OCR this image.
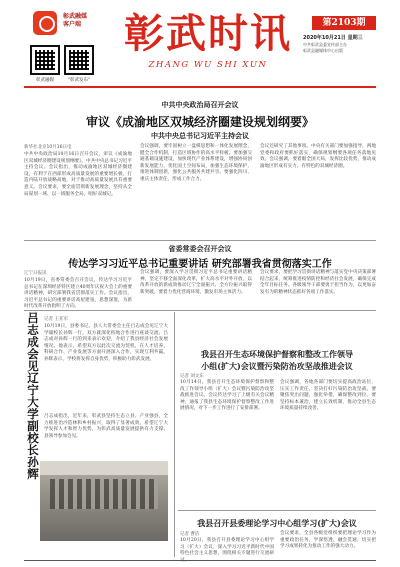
彰武融媒
客户端
彰武融媒	"彰武发布"
彰武时讯
ZHANG WU SHI XUN
第2103期
2020年10月21日 星期三
中共彰武县委宣传部主办
彰武县融媒体中心出版
中共中央政治局召开会议
审议《成渝地区双城经济圈建设规划纲要》
中共中央总书记习近平主持会议
新华社北京10月16日电
中共中央政治局10月16日召开会议，审议《成渝地区双城经济圈建设规划纲要》。中共中央总书记习近平主持会议。会议指出，推动成渝地区双城经济圈建设，有利于在西部形成高质量发展的重要增长极，打造内陆开放战略高地，对于推动高质量发展具有重要意义。会议要求，要全面贯彻新发展理念，坚持从全局谋划一域、以一域服务全局，唱好双城记。
会议强调，要牢固树立一盘棋思想和一体化发展理念，健全合作机制，打造区域协作的高水平样板。要加强交通基础设施建设，加快现代产业体系建设，增强协同创新发展能力，优化国土空间布局，加强生态环境保护，推进体制创新，强化公共服务共建共享。要强化四川、重庆主体责任，形成工作合力。
会议还研究了其他事项。中央有关部门要加强指导，两地党委和政府要抓好落实，确保规划纲要各项任务落地见效。会议强调，要着眼全国大局，发挥比较优势，推动成渝地区形成有实力、有特色的双城经济圈。
省委常委会召开会议
传达学习习近平总书记重要讲话 研究部署我省贯彻落实工作
辽宁日报讯
10月19日，省委常委会召开会议，传达学习习近平总书记在深圳经济特区建立40周年庆祝大会上的重要讲话精神，研究部署我省贯彻落实工作。会议指出，习近平总书记的重要讲话高屋建瓴、思想深邃，为新时代改革开放指明了方向。
会议强调，要深入学习贯彻习近平总书记重要讲话精神，坚定不移全面深化改革，扩大高水平对外开放，以改革开放的新成效推动辽宁全面振兴、全方位振兴取得新突破。要着力优化营商环境，激发市场主体活力。
会议要求，要把学习贯彻讲话精神与落实党中央决策部署结合起来，统筹推进疫情防控和经济社会发展，确保完成全年目标任务。各级领导干部要勇于担当作为，以更加奋发有为的精神状态抓好各项工作落实。
吕志成会见辽宁大学副校长孙辉 记者 王亚军
10月19日，县委书记、县人大常委会主任吕志成会见辽宁大学副校长孙辉一行，双方就深化校地合作进行座谈交流。吕志成对孙辉一行的到来表示欢迎，介绍了我县经济社会发展情况。他表示，希望双方以此次交流为契机，在人才培养、科研合作、产业发展等方面开展深入合作，实现互利共赢。孙辉表示，学校将发挥自身优势，积极助力彰武发展。
吕志成指出，近年来，彰武县坚持生态立县、产业强县，全力推进治沙造林和乡村振兴，取得了显著成效。希望辽宁大学发挥人才和智力优势，为彰武高质量发展提供有力支撑。县领导参加会见。
我县召开生态环境保护督察和整改工作领导
小组(扩大)会议暨污染防治攻坚战推进会议
记者 刘文东
10月14日，我县召开生态环境保护督察和整改工作领导小组（扩大）会议暨污染防治攻坚战推进会议。会议传达学习了上级有关会议精神，通报了我县生态环境保护督察整改工作进展情况，对下一步工作进行了安排部署。
会议强调，各地各部门要切实提高政治站位，压实工作责任，坚决打好污染防治攻坚战。要聚焦突出问题，强化举措，确保整改到位。要坚持标本兼治，建立长效机制，推动全县生态环境质量持续改善。
我县召开县委理论学习中心组学习(扩大)会议
记者 曹洁
10月20日，我县召开县委理论学习中心组学习（扩大）会议，深入学习习近平新时代中国特色社会主义思想，围绕相关专题进行交流研
会议要求，全县各级党组织要把理论学习作为重要政治任务，学深悟透、融会贯通，切实把学习成果转化为推动工作的强大动力。
